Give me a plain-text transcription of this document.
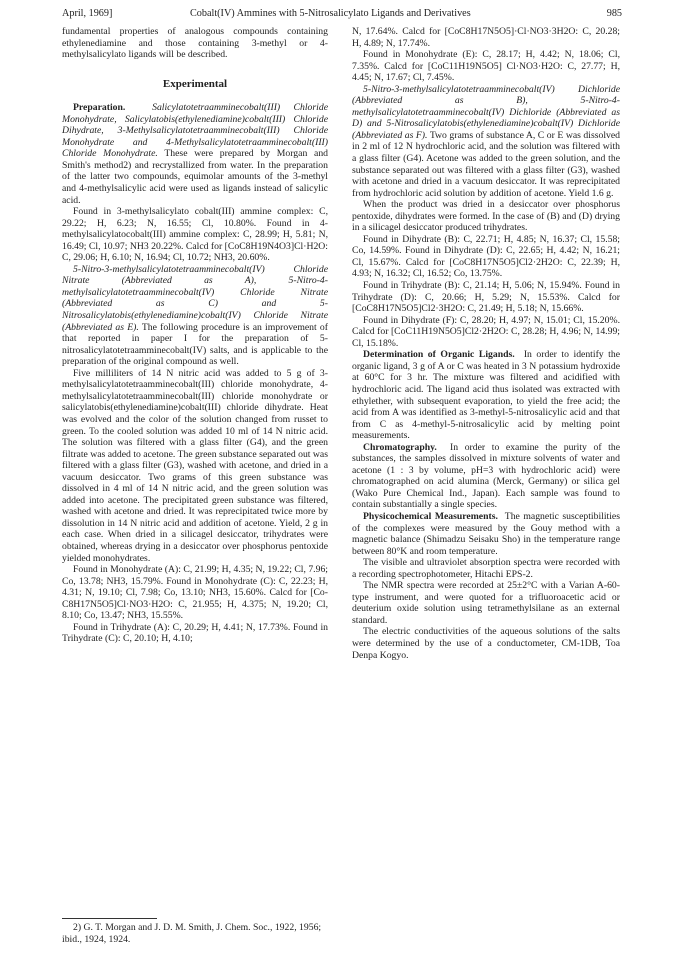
April, 1969]	Cobalt(IV) Ammines with 5-Nitrosalicylato Ligands and Derivatives	985

fundamental properties of analogous compounds containing ethylenediamine and those containing 3-methyl or 4-methylsalicylato ligands will be described.

Experimental

Preparation.	Salicylatotetraamminecobalt(III) Chloride Monohydrate, Salicylatobis(ethylenediamine)cobalt(III) Chloride Dihydrate, 3-Methylsalicylatotetraamminecobalt(III) Chloride Monohydrate and 4-Methylsalicylatotetraamminecobalt(III) Chloride Monohydrate. These were prepared by Morgan and Smith's method2) and recrystallized from water. In the preparation of the latter two compounds, equimolar amounts of the 3-methyl and 4-methylsalicylic acid were used as ligands instead of salicylic acid.

Found in 3-methylsalicylato cobalt(III) ammine complex: C, 29.22; H, 6.23; N, 16.55; Cl, 10.80%. Found in 4-methylsalicylatocobalt(III) ammine complex: C, 28.99; H, 5.81; N, 16.49; Cl, 10.97; NH3 20.22%. Calcd for [CoC8H19N4O3]Cl·H2O: C, 29.06; H, 6.10; N, 16.94; Cl, 10.72; NH3, 20.60%.

5-Nitro-3-methylsalicylatotetraamminecobalt(IV) Chloride Nitrate (Abbreviated as A), 5-Nitro-4-methylsalicylatotetraamminecobalt(IV) Chloride Nitrate (Abbreviated as C) and 5-Nitrosalicylatobis(ethylenediamine)cobalt(IV) Chloride Nitrate (Abbreviated as E). The following procedure is an improvement of that reported in paper I for the preparation of 5-nitrosalicylatotetraamminecobalt(IV) salts, and is applicable to the preparation of the original compound as well.

Five milliliters of 14 N nitric acid was added to 5 g of 3-methylsalicylatotetraamminecobalt(III) chloride monohydrate, 4-methylsalicylatotetraamminecobalt(III) chloride monohydrate or salicylatobis(ethylenediamine)cobalt(III) chloride dihydrate. Heat was evolved and the color of the solution changed from russet to green. To the cooled solution was added 10 ml of 14 N nitric acid. The solution was filtered with a glass filter (G4), and the green filtrate was added to acetone. The green substance separated out was filtered with a glass filter (G3), washed with acetone, and dried in a vacuum desiccator. Two grams of this green substance was dissolved in 4 ml of 14 N nitric acid, and the green solution was added into acetone. The precipitated green substance was filtered, washed with acetone and dried. It was reprecipitated twice more by dissolution in 14 N nitric acid and addition of acetone. Yield, 2 g in each case. When dried in a silicagel desiccator, trihydrates were obtained, whereas drying in a desiccator over phosphorus pentoxide yielded monohydrates.

Found in Monohydrate (A): C, 21.99; H, 4.35; N, 19.22; Cl, 7.96; Co, 13.78; NH3, 15.79%. Found in Monohydrate (C): C, 22.23; H, 4.31; N, 19.10; Cl, 7.98; Co, 13.10; NH3, 15.60%. Calcd for [Co-C8H17N5O5]Cl·NO3·H2O: C, 21.955; H, 4.375; N, 19.20; Cl, 8.10; Co, 13.47; NH3, 15.55%.

Found in Trihydrate (A): C, 20.29; H, 4.41; N, 17.73%. Found in Trihydrate (C): C, 20.10; H, 4.10;

2) G. T. Morgan and J. D. M. Smith, J. Chem. Soc., 1922, 1956; ibid., 1924, 1924.

N, 17.64%. Calcd for [CoC8H17N5O5]·Cl·NO3·3H2O: C, 20.28; H, 4.89; N, 17.74%.

Found in Monohydrate (E): C, 28.17; H, 4.42; N, 18.06; Cl, 7.35%. Calcd for [CoC11H19N5O5] Cl·NO3·H2O: C, 27.77; H, 4.45; N, 17.67; Cl, 7.45%.

5-Nitro-3-methylsalicylatotetraamminecobalt(IV) Dichloride (Abbreviated as B), 5-Nitro-4-methylsalicylatotetraamminecobalt(IV) Dichloride (Abbreviated as D) and 5-Nitrosalicylatobis(ethylenediamine)cobalt(IV) Dichloride (Abbreviated as F). Two grams of substance A, C or E was dissolved in 2 ml of 12 N hydrochloric acid, and the solution was filtered with a glass filter (G4). Acetone was added to the green solution, and the substance separated out was filtered with a glass filter (G3), washed with acetone and dried in a vacuum desiccator. It was reprecipitated from hydrochloric acid solution by addition of acetone. Yield 1.6 g.

When the product was dried in a desiccator over phosphorus pentoxide, dihydrates were formed. In the case of (B) and (D) drying in a silicagel desiccator produced trihydrates.

Found in Dihydrate (B): C, 22.71; H, 4.85; N, 16.37; Cl, 15.58; Co, 14.59%. Found in Dihydrate (D): C, 22.65; H, 4.42; N, 16.21; Cl, 15.67%. Calcd for [CoC8H17N5O5]Cl2·2H2O: C, 22.39; H, 4.93; N, 16.32; Cl, 16.52; Co, 13.75%.

Found in Trihydrate (B): C, 21.14; H, 5.06; N, 15.94%. Found in Trihydrate (D): C, 20.66; H, 5.29; N, 15.53%. Calcd for [CoC8H17N5O5]Cl2·3H2O: C, 21.49; H, 5.18; N, 15.66%.

Found in Dihydrate (F): C, 28.20; H, 4.97; N, 15.01; Cl, 15.20%. Calcd for [CoC11H19N5O5]Cl2·2H2O: C, 28.28; H, 4.96; N, 14.99; Cl, 15.18%.

Determination of Organic Ligands. In order to identify the organic ligand, 3 g of A or C was heated in 3 N potassium hydroxide at 60°C for 3 hr. The mixture was filtered and acidified with hydrochloric acid. The ligand acid thus isolated was extracted with ethylether, with subsequent evaporation, to yield the free acid; the acid from A was identified as 3-methyl-5-nitrosalicylic acid and that from C as 4-methyl-5-nitrosalicylic acid by melting point measurements.

Chromatography. In order to examine the purity of the substances, the samples dissolved in mixture solvents of water and acetone (1 : 3 by volume, pH=3 with hydrochloric acid) were chromatographed on acid alumina (Merck, Germany) or silica gel (Wako Pure Chemical Ind., Japan). Each sample was found to contain substantially a single species.

Physicochemical Measurements. The magnetic susceptibilities of the complexes were measured by the Gouy method with a magnetic balance (Shimadzu Seisaku Sho) in the temperature range between 80°K and room temperature.

The visible and ultraviolet absorption spectra were recorded with a recording spectrophotometer, Hitachi EPS-2.

The NMR spectra were recorded at 25±2°C with a Varian A-60-type instrument, and were quoted for a trifluoroacetic acid or deuterium oxide solution using tetramethylsilane as an external standard.

The electric conductivities of the aqueous solutions of the salts were determined by the use of a conductometer, CM-1DB, Toa Denpa Kogyo.
